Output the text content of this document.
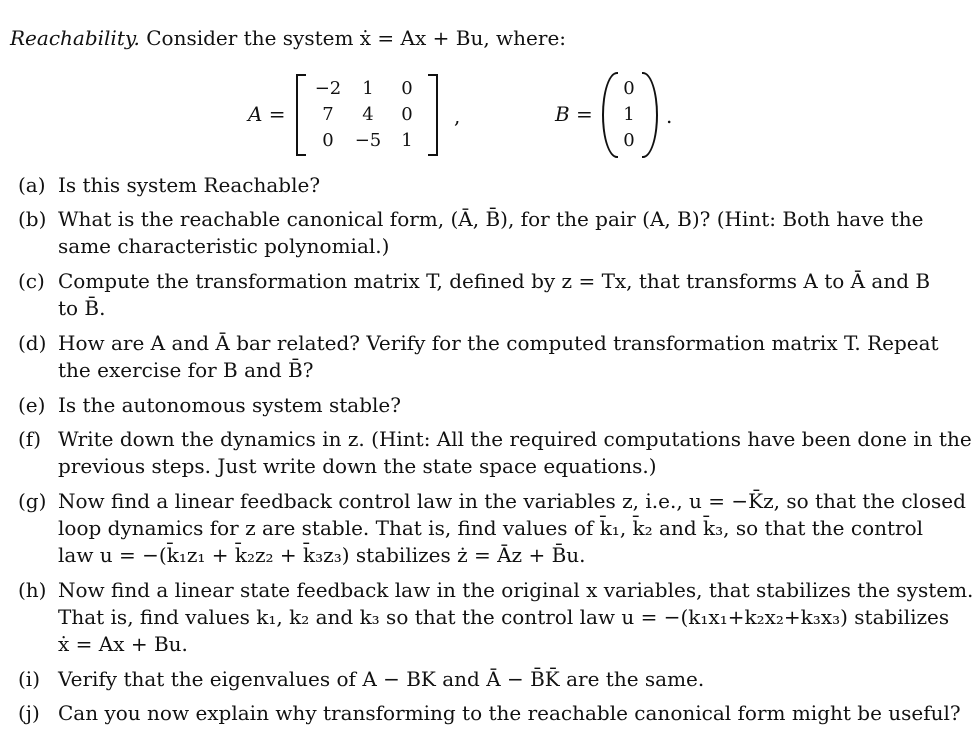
Reachability. Consider the system ẋ = Ax + Bu, where:
A =
−2	1	0
7	4	0
0	−5	1
,	B =
0
1
0
.
(a) Is this system Reachable?
(b) What is the reachable canonical form, (Ā, B̄), for the pair (A, B)? (Hint: Both have the
same characteristic polynomial.)
(c) Compute the transformation matrix T, defined by z = Tx, that transforms A to Ā and B
to B̄.
(d) How are A and Ā bar related? Verify for the computed transformation matrix T. Repeat
the exercise for B and B̄?
(e) Is the autonomous system stable?
(f) Write down the dynamics in z. (Hint: All the required computations have been done in the
previous steps. Just write down the state space equations.)
(g) Now find a linear feedback control law in the variables z, i.e., u = −K̄z, so that the closed
loop dynamics for z are stable. That is, find values of k̄₁, k̄₂ and k̄₃, so that the control
law u = −(k̄₁z₁ + k̄₂z₂ + k̄₃z₃) stabilizes ż = Āz + B̄u.
(h) Now find a linear state feedback law in the original x variables, that stabilizes the system.
That is, find values k₁, k₂ and k₃ so that the control law u = −(k₁x₁+k₂x₂+k₃x₃) stabilizes
ẋ = Ax + Bu.
(i) Verify that the eigenvalues of A − BK and Ā − B̄K̄ are the same.
(j) Can you now explain why transforming to the reachable canonical form might be useful?
